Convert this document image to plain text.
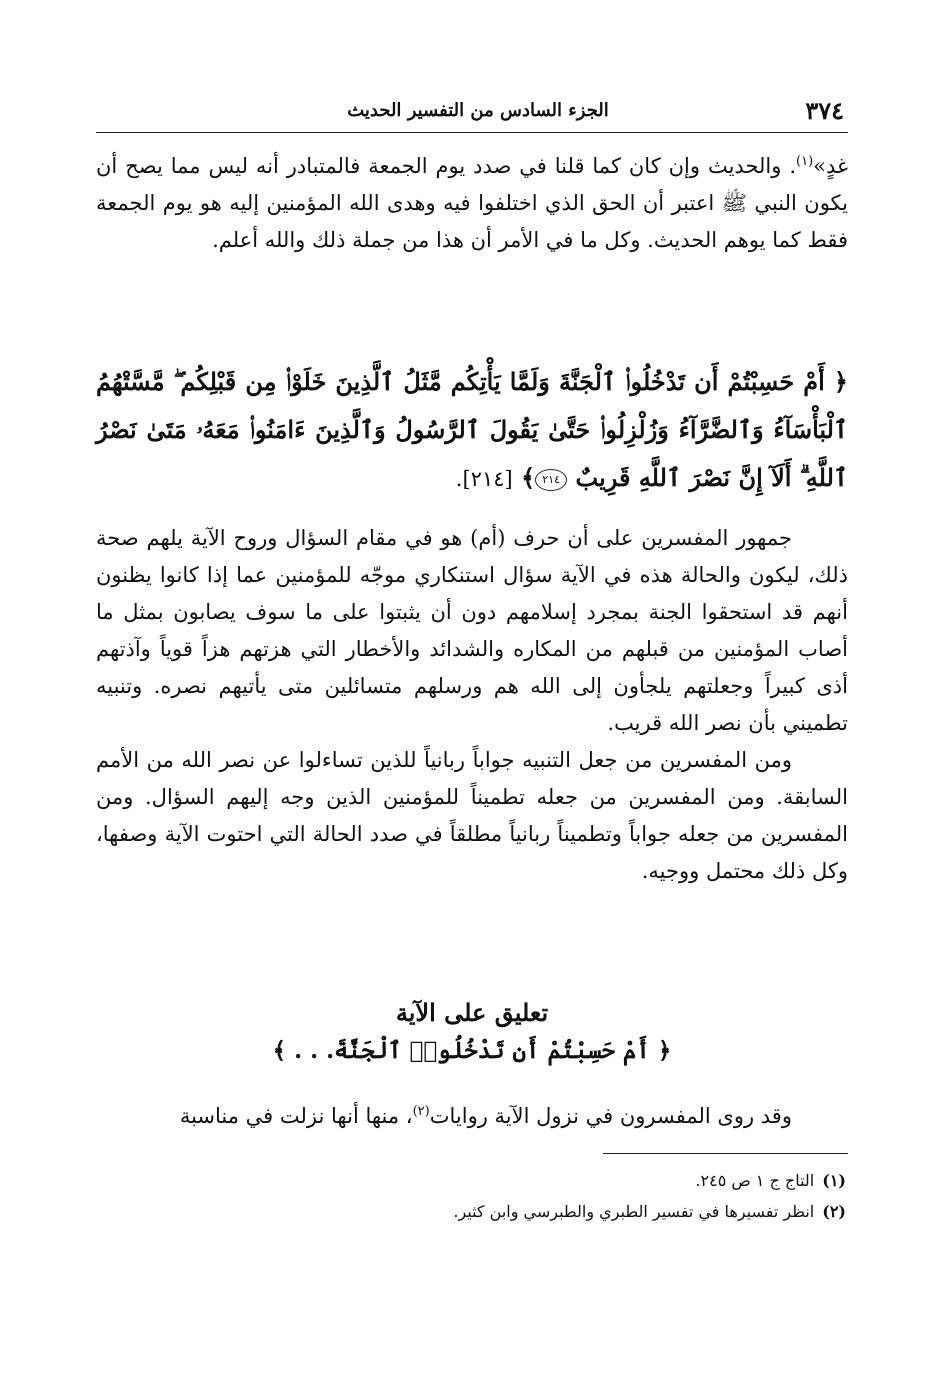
٣٧٤
الجزء السادس من التفسير الحديث

غدٍ»$^{(١)}$. والحديث وإن كان كما قلنا في صدد يوم الجمعة فالمتبادر أنه ليس مما يصح أن يكون النبي ﷺ اعتبر أن الحق الذي اختلفوا فيه وهدى الله المؤمنين إليه هو يوم الجمعة فقط كما يوهم الحديث. وكل ما في الأمر أن هذا من جملة ذلك والله أعلم.

﴿ أَمْ حَسِبْتُمْ أَن تَدْخُلُوا۟ ٱلْجَنَّةَ وَلَمَّا يَأْتِكُم مَّثَلُ ٱلَّذِينَ خَلَوْا۟ مِن قَبْلِكُم ۖ مَّسَّتْهُمُ ٱلْبَأْسَآءُ وَٱلضَّرَّآءُ وَزُلْزِلُوا۟ حَتَّىٰ يَقُولَ ٱلرَّسُولُ وَٱلَّذِينَ ءَامَنُوا۟ مَعَهُۥ مَتَىٰ نَصْرُ ٱللَّهِ ۗ أَلَآ إِنَّ نَصْرَ ٱللَّهِ قَرِيبٌ ٢١٤﴾ [٢١٤].

جمهور المفسرين على أن حرف (أم) هو في مقام السؤال وروح الآية يلهم صحة ذلك، ليكون والحالة هذه في الآية سؤال استنكاري موجّه للمؤمنين عما إذا كانوا يظنون أنهم قد استحقوا الجنة بمجرد إسلامهم دون أن يثبتوا على ما سوف يصابون بمثل ما أصاب المؤمنين من قبلهم من المكاره والشدائد والأخطار التي هزتهم هزاً قوياً وآذتهم أذى كبيراً وجعلتهم يلجأون إلى الله هم ورسلهم متسائلين متى يأتيهم نصره. وتنبيه تطميني بأن نصر الله قريب.

ومن المفسرين من جعل التنبيه جواباً ربانياً للذين تساءلوا عن نصر الله من الأمم السابقة. ومن المفسرين من جعله تطميناً للمؤمنين الذين وجه إليهم السؤال. ومن المفسرين من جعله جواباً وتطميناً ربانياً مطلقاً في صدد الحالة التي احتوت الآية وصفها، وكل ذلك محتمل ووجيه.

تعليق على الآية
﴿ أَمْ حَسِبْتُمْ أَن تَدْخُلُوا۟ ٱلْجَنَّةَ. . . ﴾
وقد روى المفسرون في نزول الآية روايات$^{(٢)}$، منها أنها نزلت في مناسبة
(١)التاج ج ١ ص ٢٤٥.
(٢)انظر تفسيرها في تفسير الطبري والطبرسي وابن كثير.
